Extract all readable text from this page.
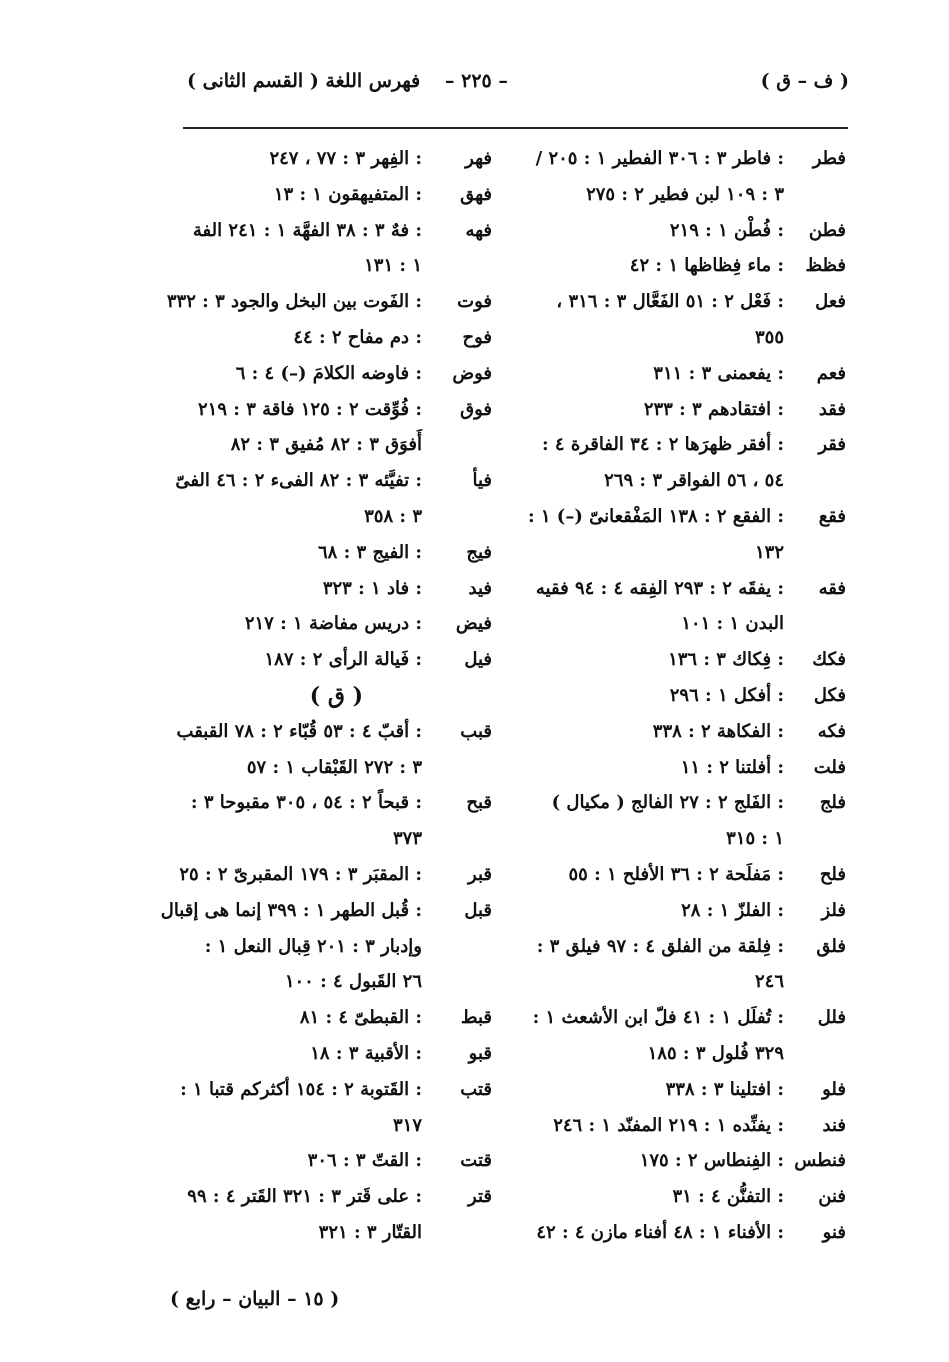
( ف – ق )
– ٢٢٥ –
فهرس اللغة ( القسم الثانى )
فطر
: فاطر ٣ : ٣٠٦ الفطير ١ : ٢٠٥ /
٣ : ١٠٩ لبن فطير ٢ : ٢٧٥
فطن
: فُطْن ١ : ٢١٩
فظظ
: ماء فِظاظها ١ : ٤٢
فعل
: فَعْل ٢ : ٥١ الفَعَّال ٣ : ٣١٦ ،
٣٥٥
فعم
: يفعمنى ٣ : ٣١١
فقد
: افتقادهم ٣ : ٢٣٣
فقر
: أفقر ظهرَها ٢ : ٣٤ الفاقرة ٤ :
٥٤ ، ٥٦ الفواقر ٣ : ٢٦٩
فقع
: الفقع ٢ : ١٣٨ المَفْقعانىّ (–) ١ :
١٣٢
فقه
: يفقَه ٢ : ٢٩٣ الفِقه ٤ : ٩٤ فقيه
البدن ١ : ١٠١
فكك
: فِكاك ٣ : ١٣٦
فكل
: أفكل ١ : ٢٩٦
فكه
: الفكاهة ٢ : ٣٣٨
فلت
: أفلتنا ٢ : ١١
فلج
: الفَلج ٢ : ٢٧ الفالج ( مكيال )
١ : ٣١٥
فلح
: مَفلَحة ٢ : ٣٦ الأفلح ١ : ٥٥
فلز
: الفلزّ ١ : ٢٨
فلق
: فِلقة من الفلق ٤ : ٩٧ فيلق ٣ :
٢٤٦
فلل
: تُفلَل ١ : ٤١ فلّ ابن الأشعث ١ :
٣٢٩ فُلول ٣ : ١٨٥
فلو
: افتلينا ٣ : ٣٣٨
فند
: يفنِّده ١ : ٢١٩ المفنّد ١ : ٢٤٦
فنطس
: الفِنطاس ٢ : ١٧٥
فنن
: التفنُّن ٤ : ٣١
فنو
: الأفناء ١ : ٤٨ أفناء مازن ٤ : ٤٢
فهر
: الفِهر ٣ : ٧٧ ، ٢٤٧
فهق
: المتفيهقون ١ : ١٣
فهه
: فهٌ ٣ : ٣٨ الفهَّة ١ : ٢٤١ الفة
١ : ١٣١
فوت
: الفَوت بين البخل والجود ٣ : ٣٣٢
فوح
: دم مفاح ٢ : ٤٤
فوض
: فاوضه الكلامَ (–) ٤ : ٦
فوق
: فُوِّقت ٢ : ١٢٥ فاقة ٣ : ٢١٩
أَفوَق ٣ : ٨٢ مُفيق ٣ : ٨٢
فيأ
: تفيَّئه ٣ : ٨٢ الفىء ٢ : ٤٦ الفىّ
٣ : ٣٥٨
فيج
: الفيج ٣ : ٦٨
فيد
: فاد ١ : ٣٢٣
فيض
: دريس مفاضة ١ : ٢١٧
فيل
: فَيالة الرأى ٢ : ١٨٧
( ق )
قبب
: أقبّ ٤ : ٥٣ قُبّاء ٢ : ٧٨ القبقب
٣ : ٢٧٢ القَبْقاب ١ : ٥٧
قبح
: قبحاً ٢ : ٥٤ ، ٣٠٥ مقبوحا ٣ :
٣٧٣
قبر
: المقبَر ٣ : ١٧٩ المقبرىّ ٢ : ٢٥
قبل
: قُبل الطهر ١ : ٣٩٩ إنما هى إقبال
وإدبار ٣ : ٢٠١ قِبال النعل ١ :
٢٦ القَبول ٤ : ١٠٠
قبط
: القبطىّ ٤ : ٨١
قبو
: الأقبية ٣ : ١٨
قتب
: القَتوبة ٢ : ١٥٤ أكثركم قتبا ١ :
٣١٧
قتت
: القتّ ٣ : ٣٠٦
قتر
: على قَتر ٣ : ٣٢١ القَتر ٤ : ٩٩
القتّار ٣ : ٣٢١
( ١٥ – البيان – رابع )
